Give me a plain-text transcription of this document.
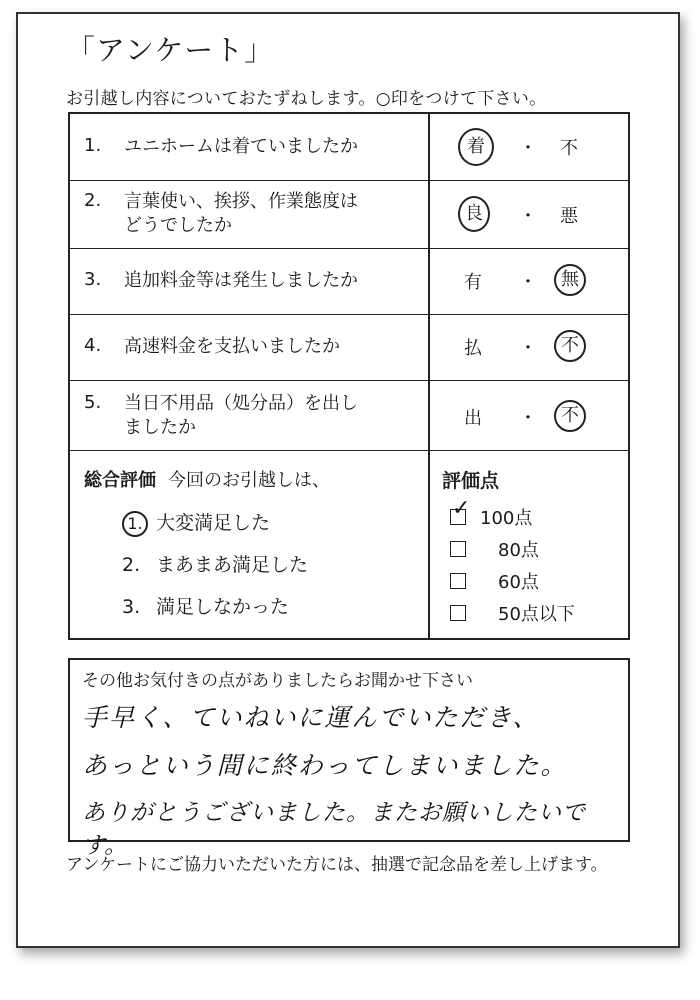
「アンケート」
お引越し内容についておたずねします。○印をつけて下さい。
1. ユニホームは着ていましたか	着	・	不
2. 言葉使い、挨拶、作業態度は
どうでしたか
良	・	悪
3. 追加料金等は発生しましたか	有	・	無
4. 高速料金を支払いましたか	払	・	不
5. 当日不用品（処分品）を出し
ましたか	出	・	不
総合評価 今回のお引越しは、
1. 大変満足した
2. まあまあ満足した
3. 満足しなかった
評価点
✓ 100点
80点
60点
50点以下
その他お気付きの点がありましたらお聞かせ下さい
手早く、ていねいに運んでいただき、
あっという間に終わってしまいました。
ありがとうございました。またお願いしたいです。
アンケートにご協力いただいた方には、抽選で記念品を差し上げます。
